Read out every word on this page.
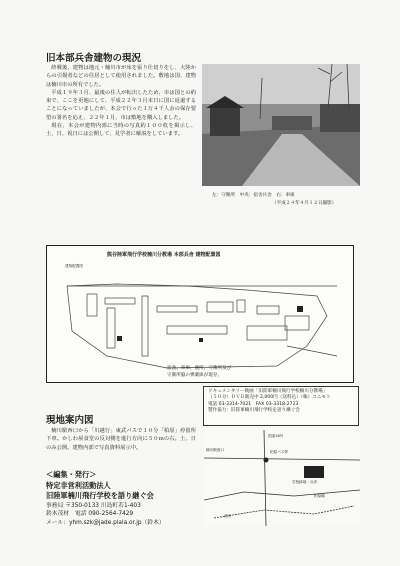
旧本部兵舎建物の現況

終戦後、建物は地元・楠川市が床を張り仕切りをし、大陸からの引揚者などの住居として使用されました。敷地は国、建物は楠川市の所有でした。

平成１９年３月、最後の住人が転出したため、市は国との約束で、ここを更地にして、平成２２年３月末日に国に返還することになっていましたが、本会で行った１万４千人余の保存要望の署名を応え、２２年１月、市は敷地を購入しました。

現在、本会が建物内部に当時の写真約１００枚を掲示し、土、日、祝日には公開して、見学者に解説をしています。

左：守衛所　中央：宿舎兵舎　右：車庫
（平成２４年４月１２日撮影）
熊谷陸軍飛行学校楠川分教場 本部兵舎 建物配置図
建物配置図
宿舎、車庫、便所、守衛所及び
守衛所脇の弾薬庫が現存。
現地案内図

楠川駅西口から「川越行」東武バスで１０分「柏原」停留所下車。かしわ屋食堂の反対側を進行方向に５０ｍの右。土、日のみ公開。建物内部で写真資料展示中。

ドキュメンタリー映画「旧陸軍楠川飛行学校楠川分教場」
（５０分）ＤＶＤ販売中 2,000円（送料込）（株）ユニモト
電話 03-3314-7021　FAX 03-3318-2723
製作協力：旧陸軍楠川飛行学校を語り継ぐ会
学校跡地・兵舎
柏原バス停
荒川
柏原橋
楠川駅西口
国道16号
＜編集・発行＞
特定非営利活動法人
旧陸軍楠川飛行学校を語り継ぐ会
事務局 〒350-0133 川島町若1-403
鈴木茂材　電話 090-2564-7429
メール：yhm.szk@jade.plala.or.jp（鈴木）
